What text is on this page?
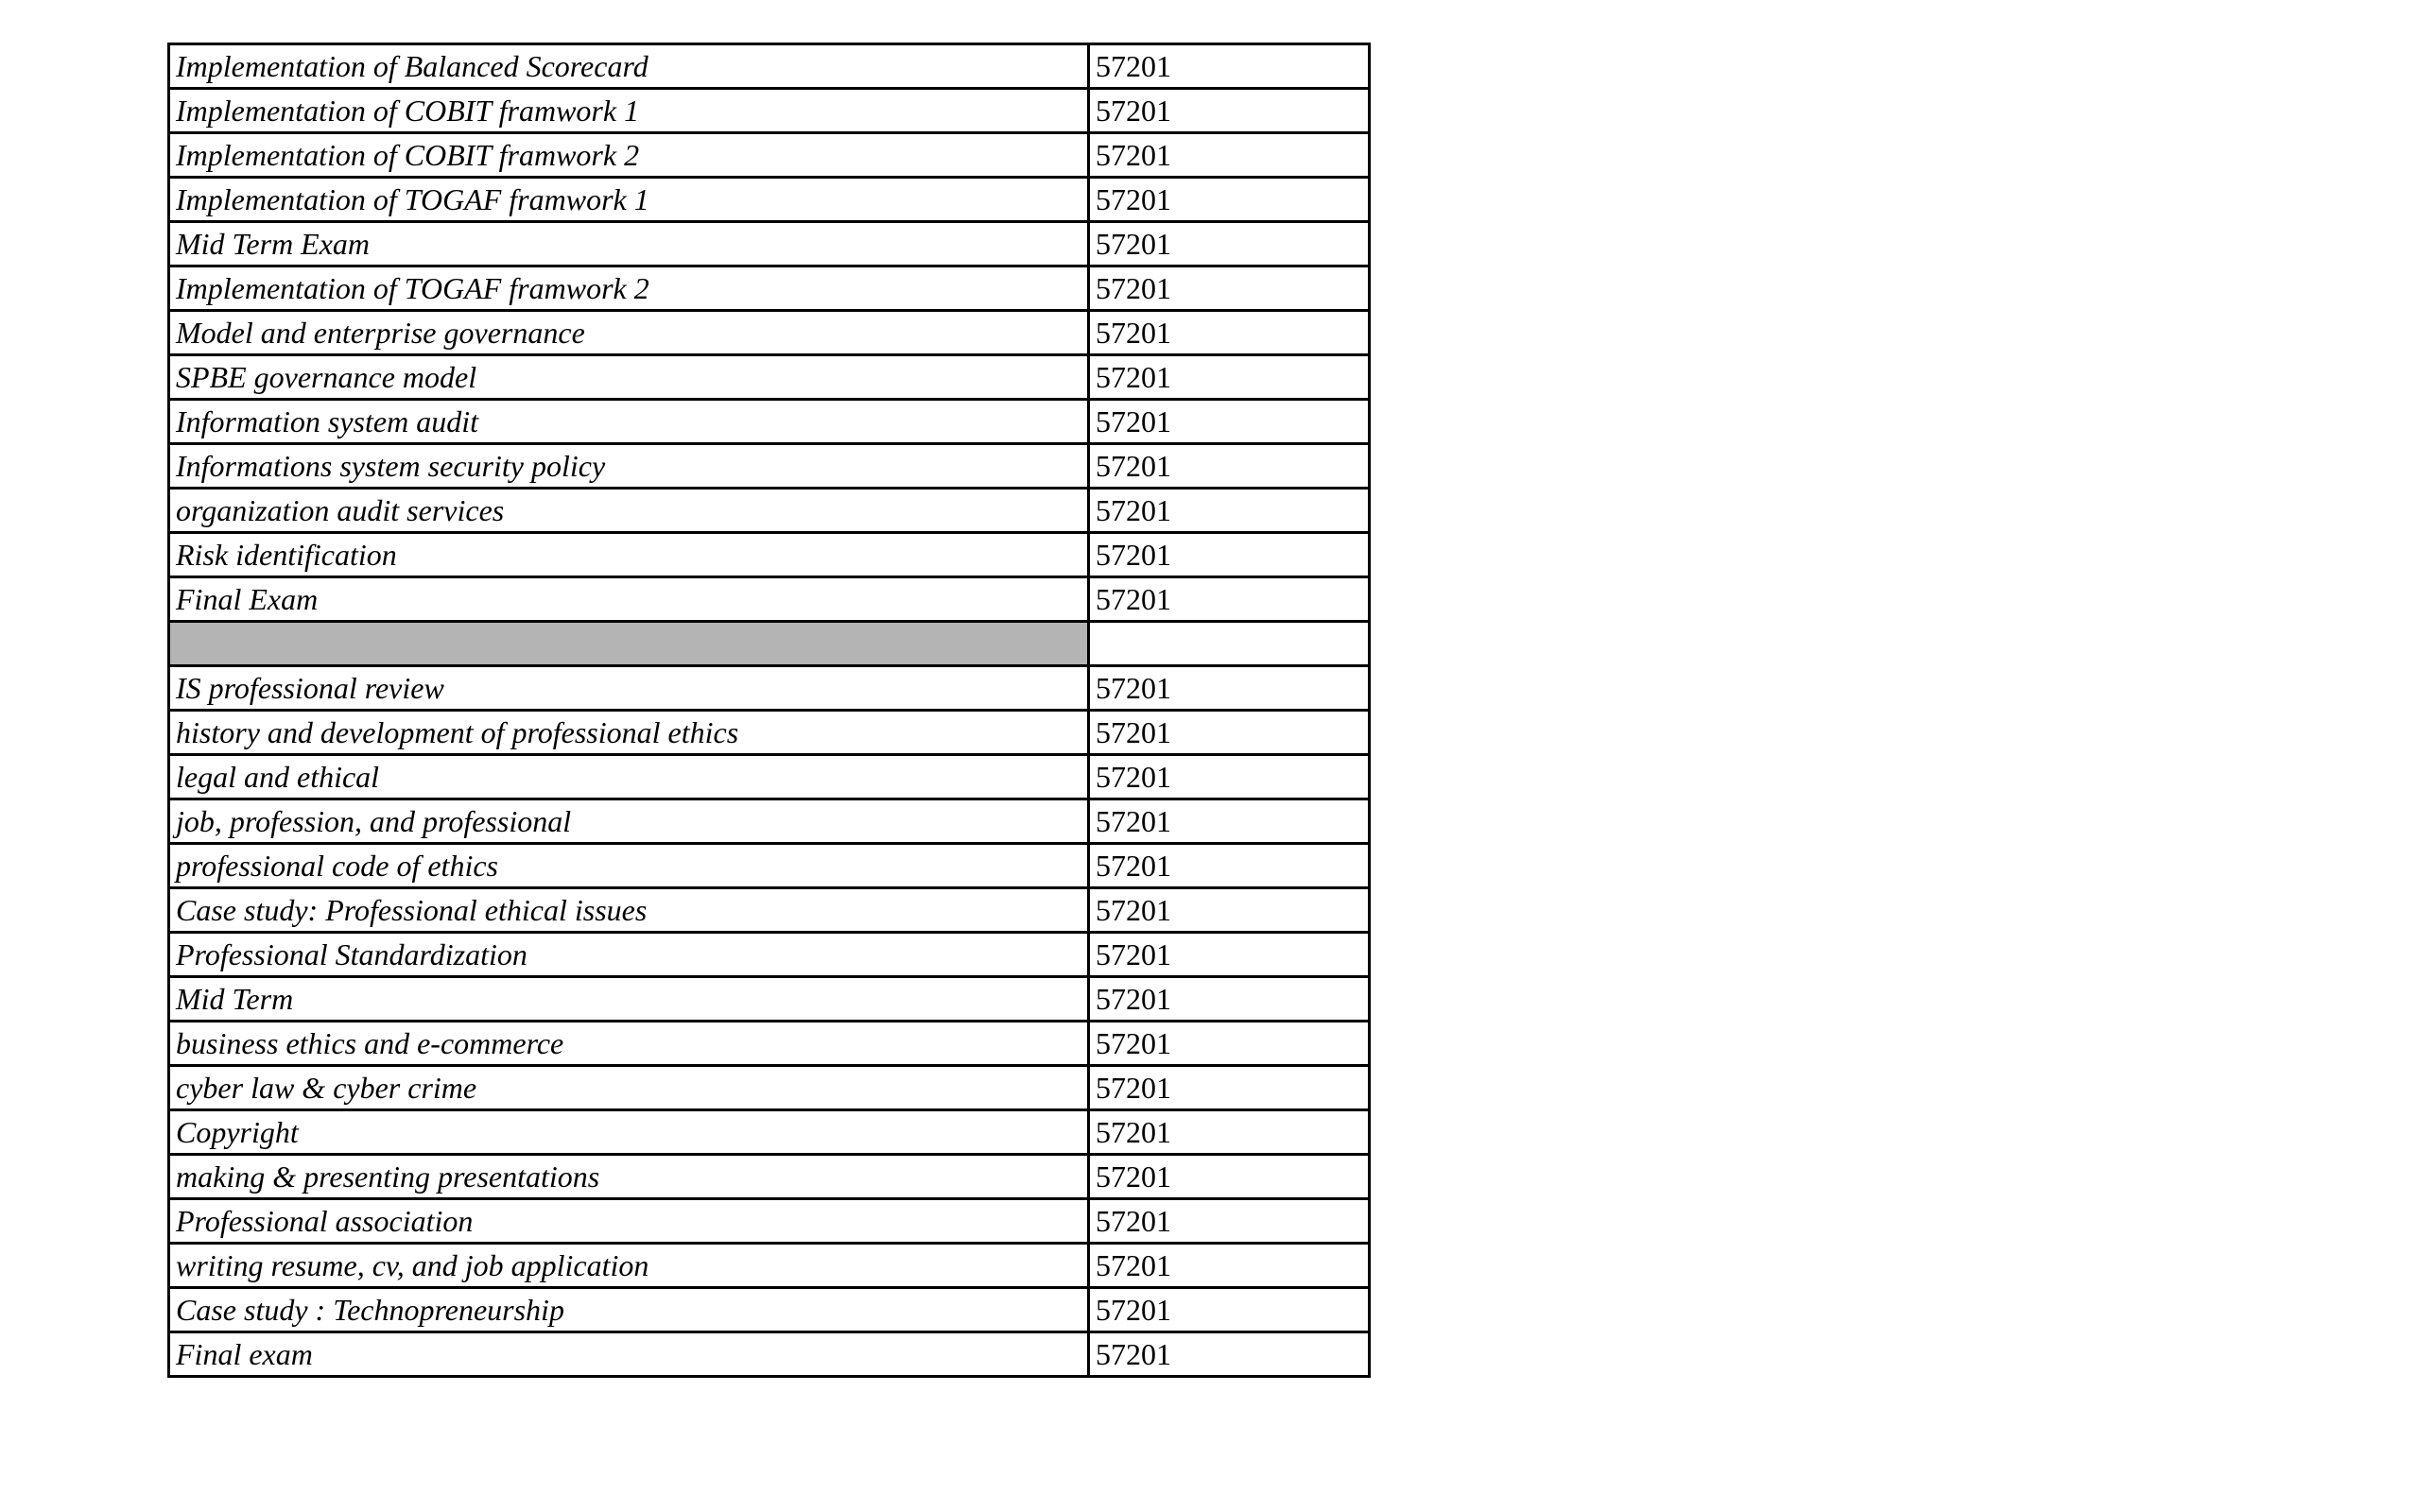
Implementation of Balanced Scorecard	57201
Implementation of COBIT framwork 1	57201
Implementation of COBIT framwork 2	57201
Implementation of TOGAF framwork 1	57201
Mid Term Exam	57201
Implementation of TOGAF framwork 2	57201
Model and enterprise governance	57201
SPBE governance model	57201
Information system audit	57201
Informations system security policy	57201
organization audit services	57201
Risk identification	57201
Final Exam	57201

IS professional review	57201
history and development of professional ethics	57201
legal and ethical	57201
job, profession, and professional	57201
professional code of ethics	57201
Case study: Professional ethical issues	57201
Professional Standardization	57201
Mid Term	57201
business ethics and e-commerce	57201
cyber law & cyber crime	57201
Copyright	57201
making & presenting presentations	57201
Professional association	57201
writing resume, cv, and job application	57201
Case study : Technopreneurship	57201
Final exam	57201
